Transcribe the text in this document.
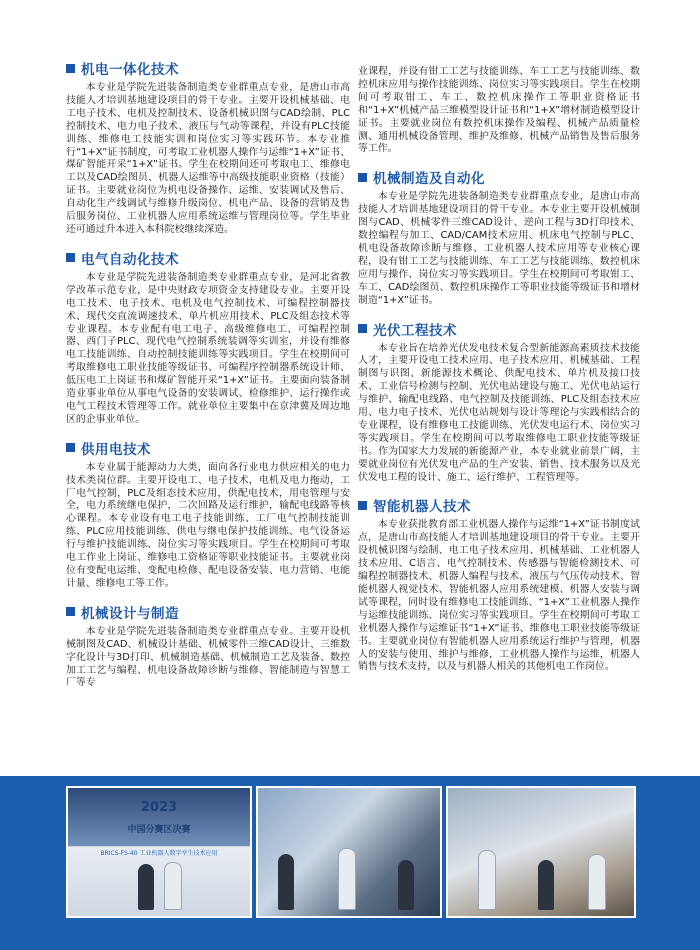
机电一体化技术

本专业是学院先进装备制造类专业群重点专业，是唐山市高技能人才培训基地建设项目的骨干专业。主要开设机械基础、电工电子技术、电机及控制技术、设备机械识图与CAD绘制、PLC控制技术、电力电子技术、液压与气动等课程，并设有PLC技能训练、维修电工技能实训和岗位实习等实践环节。本专业推行“1+X”证书制度，可考取工业机器人操作与运维“1+X”证书、煤矿智能开采“1+X”证书。学生在校期间还可考取电工、维修电工以及CAD绘图员、机器人运维等中高级技能职业资格（技能）证书。主要就业岗位为机电设备操作、运维、安装调试及售后、自动化生产线调试与维修升级岗位、机电产品、设备的营销及售后服务岗位、工业机器人应用系统运维与管理岗位等。学生毕业还可通过升本进入本科院校继续深造。

电气自动化技术

本专业是学院先进装备制造类专业群重点专业，是河北省教学改革示范专业，是中央财政专项资金支持建设专业。主要开设电工技术、电子技术、电机及电气控制技术、可编程控制器技术、现代交直流调速技术、单片机应用技术、PLC及组态技术等专业课程。本专业配有电工电子、高级维修电工、可编程控制器、西门子PLC、现代电气控制系统装调等实训室，并设有维修电工技能训练、自动控制技能训练等实践项目。学生在校期间可考取维修电工职业技能等级证书、可编程序控制器系统设计师、低压电工上岗证书和煤矿智能开采“1+X”证书。主要面向装备制造业事业单位从事电气设备的安装调试、检修维护、运行操作或电气工程技术管理等工作。就业单位主要集中在京津冀及周边地区的企事业单位。

供用电技术

本专业属于能源动力大类，面向各行业电力供应相关的电力技术类岗位群。主要开设电工、电子技术，电机及电力拖动，工厂电气控制，PLC及组态技术应用，供配电技术，用电管理与安全，电力系统继电保护，二次回路及运行维护，输配电线路等核心课程。本专业设有电工电子技能训练、工厂电气控制技能训练、PLC应用技能训练、供电与继电保护技能训练、电气设备运行与维护技能训练、岗位实习等实践项目。学生在校期间可考取电工作业上岗证、维修电工资格证等职业技能证书。主要就业岗位有变配电运维、变配电检修、配电设备安装、电力营销、电能计量、维修电工等工作。

机械设计与制造

本专业是学院先进装备制造类专业群重点专业。主要开设机械制图及CAD、机械设计基础、机械零件三维CAD设计、三维数字化设计与3D打印、机械制造基础、机械制造工艺及装备、数控加工工艺与编程、机电设备故障诊断与维修、智能制造与智慧工厂等专

业课程，并设有钳工工艺与技能训练、车工工艺与技能训练、数控机床应用与操作技能训练、岗位实习等实践项目。学生在校期间可考取钳工、车工、数控机床操作工等职业资格证书和“1+X”机械产品三维模型设计证书和“1+X”增材制造模型设计证书。主要就业岗位有数控机床操作及编程、机械产品质量检测、通用机械设备管理、维护及维修、机械产品销售及售后服务等工作。

机械制造及自动化

本专业是学院先进装备制造类专业群重点专业，是唐山市高技能人才培训基地建设项目的骨干专业。本专业主要开设机械制图与CAD、机械零件三维CAD设计、逆向工程与3D打印技术、数控编程与加工、CAD/CAM技术应用、机床电气控制与PLC、机电设备故障诊断与维修、工业机器人技术应用等专业核心课程，设有钳工工艺与技能训练、车工工艺与技能训练、数控机床应用与操作、岗位实习等实践项目。学生在校期间可考取钳工、车工、CAD绘图员、数控机床操作工等职业技能等级证书和增材制造“1+X”证书。

光伏工程技术

本专业旨在培养光伏发电技术复合型新能源高素质技术技能人才，主要开设电工技术应用、电子技术应用、机械基础、工程制图与识图、新能源技术概论、供配电技术、单片机及接口技术、工业信号检测与控制、光伏电站建设与施工、光伏电站运行与维护、输配电线路、电气控制及技能训练、PLC及组态技术应用、电力电子技术、光伏电站规划与设计等理论与实践相结合的专业课程，设有维修电工技能训练、光伏发电运行术、岗位实习等实践项目。学生在校期间可以考取维修电工职业技能等级证书。作为国家大力发展的新能源产业，本专业就业前景广阔，主要就业岗位有光伏发电产品的生产安装、销售、技术服务以及光伏发电工程的设计、施工、运行维护、工程管理等。

智能机器人技术

本专业获批教育部工业机器人操作与运维“1+X”证书制度试点，是唐山市高技能人才培训基地建设项目的骨干专业。主要开设机械识图与绘制、电工电子技术应用、机械基础、工业机器人技术应用、C语言、电气控制技术、传感器与智能检测技术、可编程控制器技术、机器人编程与技术、液压与气压传动技术、智能机器人视觉技术、智能机器人应用系统建模、机器人安装与调试等课程，同时设有维修电工技能训练、“1+X”工业机器人操作与运维技能训练、岗位实习等实践项目。学生在校期间可考取工业机器人操作与运维证书“1+X”证书、维修电工职业技能等级证书。主要就业岗位有智能机器人应用系统运行维护与管理，机器人的安装与使用、维护与维修，工业机器人操作与运维，机器人销售与技术支持，以及与机器人相关的其他机电工作岗位。

2023
中国分赛区决赛
BRICS-FS-40 工业机器人数字孪生技术应用
